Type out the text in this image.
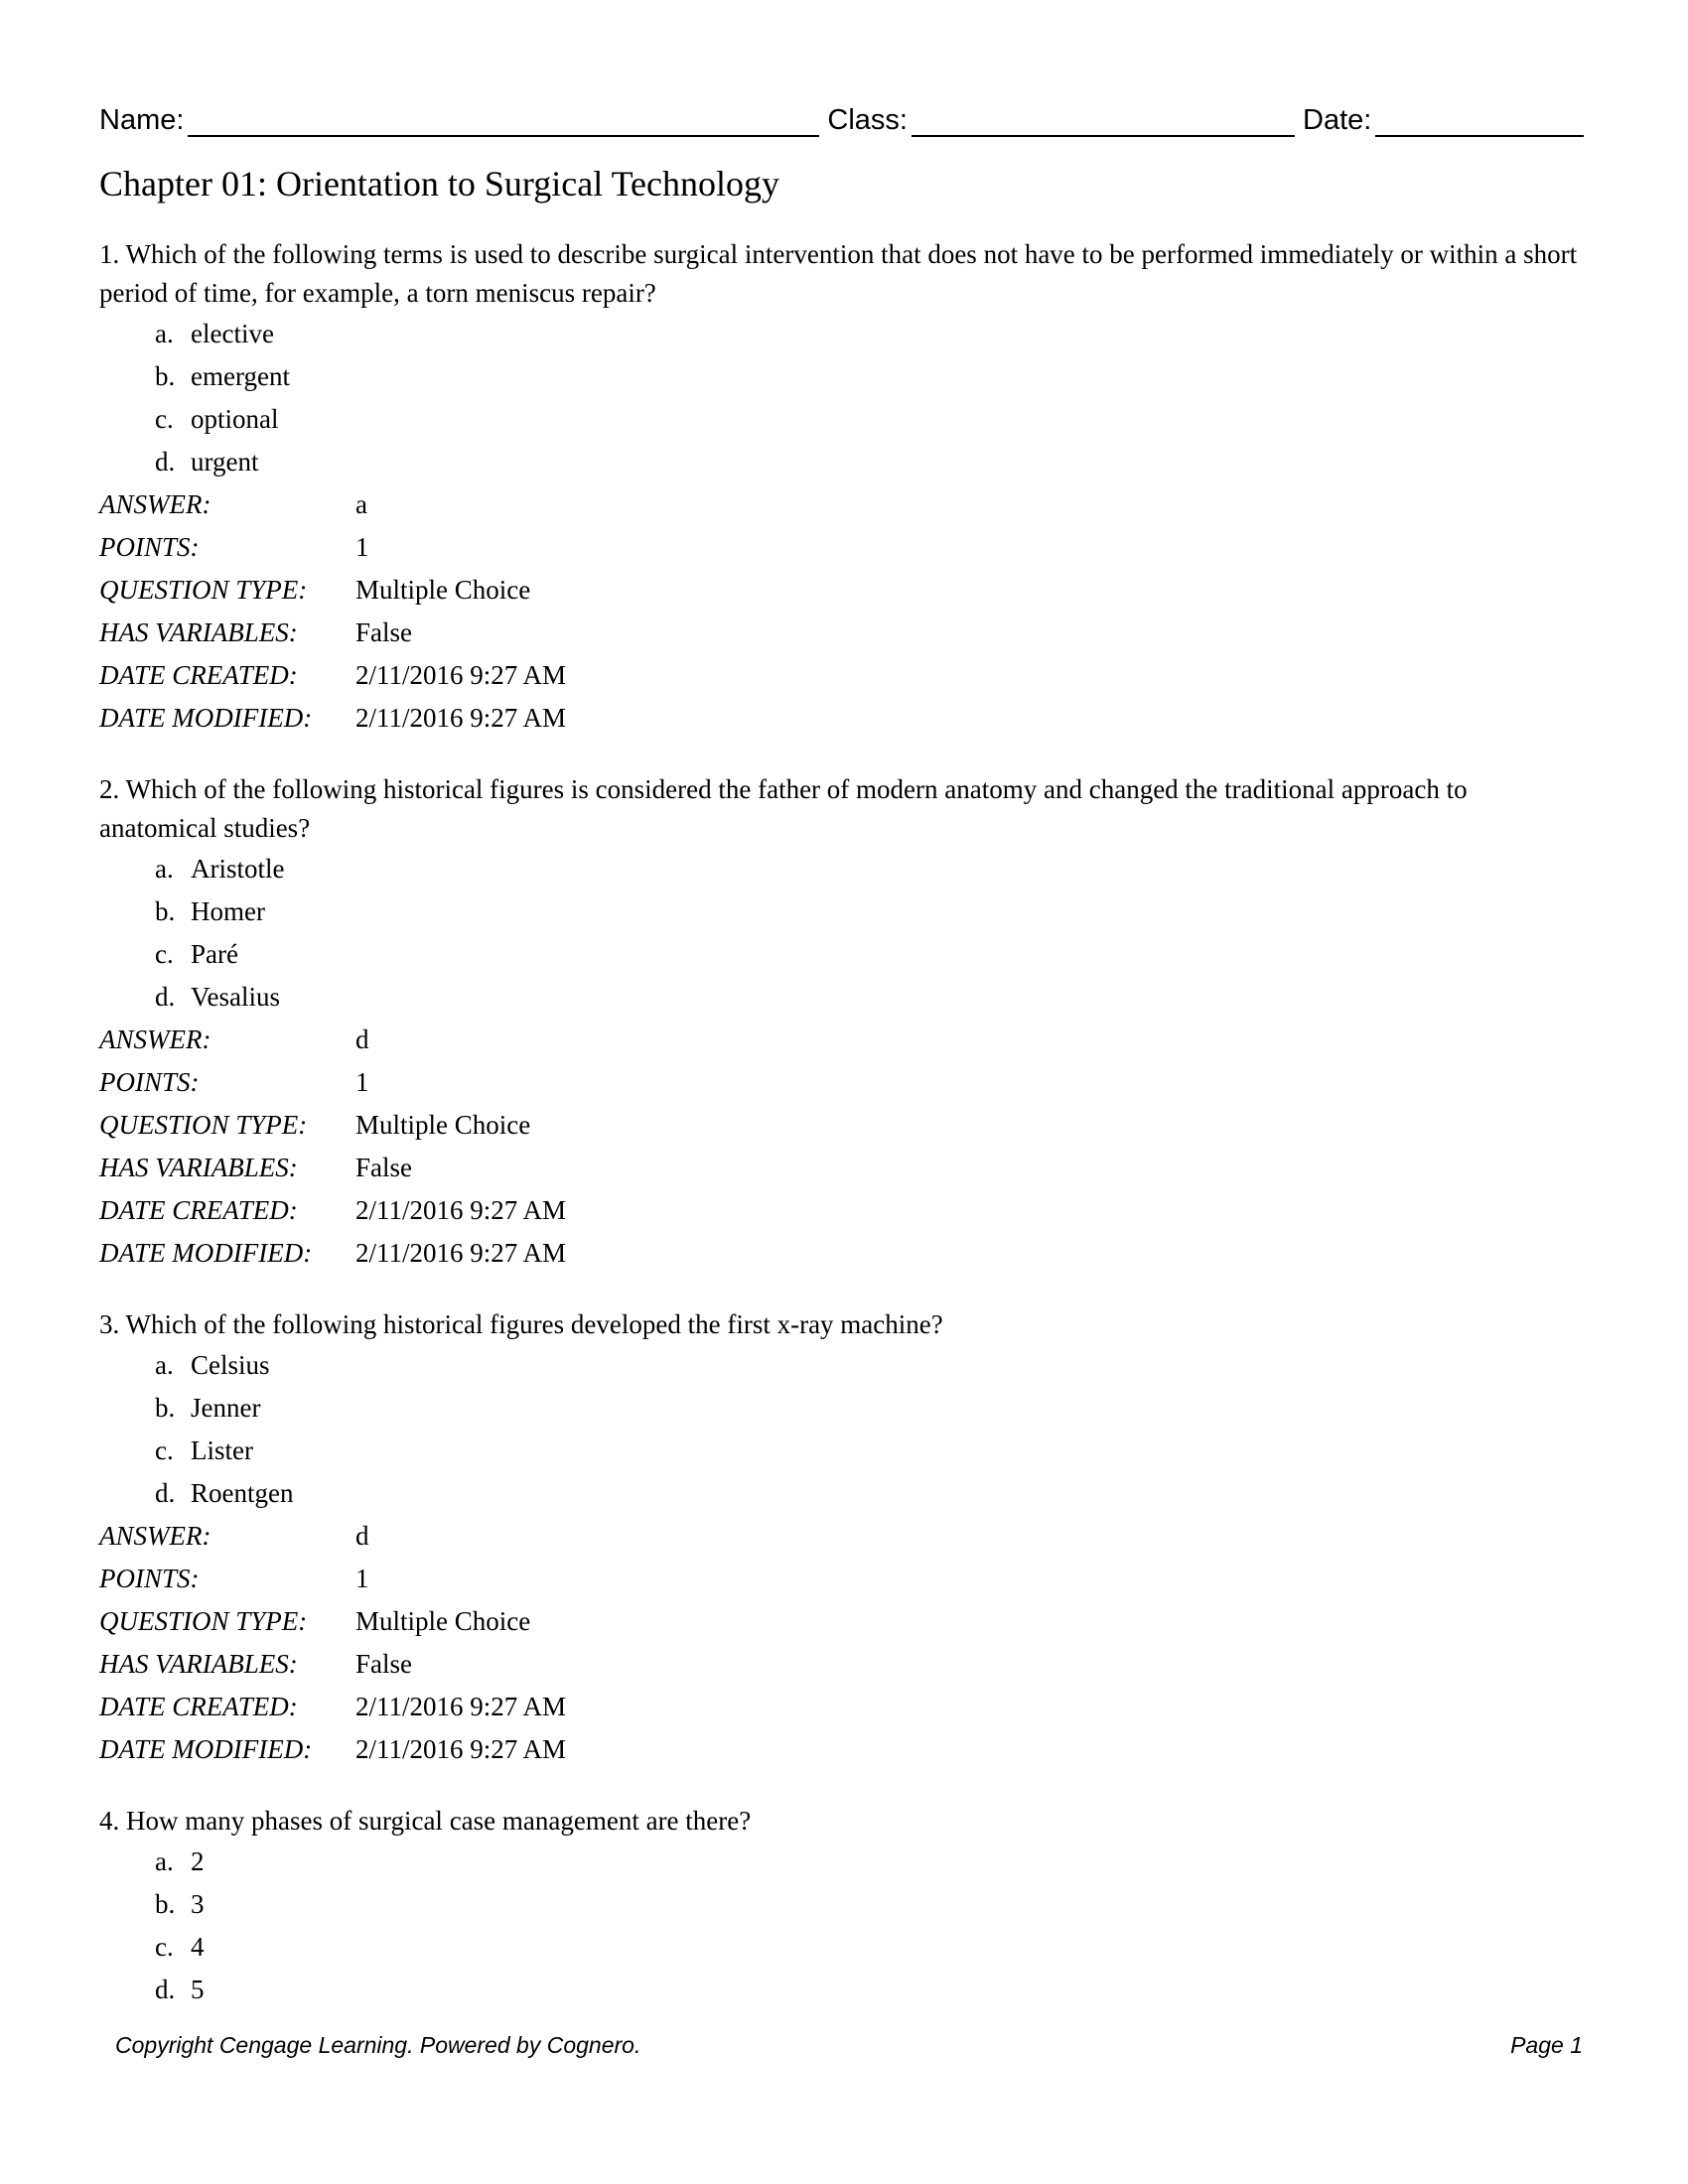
Name:	Class:	Date:
Chapter 01: Orientation to Surgical Technology
1. Which of the following terms is used to describe surgical intervention that does not have to be performed immediately or within a short period of time, for example, a torn meniscus repair?
a. elective
b. emergent
c. optional
d. urgent
ANSWER:	a
POINTS:	1
QUESTION TYPE:	Multiple Choice
HAS VARIABLES:	False
DATE CREATED:	2/11/2016 9:27 AM
DATE MODIFIED:	2/11/2016 9:27 AM
2. Which of the following historical figures is considered the father of modern anatomy and changed the traditional approach to anatomical studies?
a. Aristotle
b. Homer
c. Paré
d. Vesalius
ANSWER:	d
POINTS:	1
QUESTION TYPE:	Multiple Choice
HAS VARIABLES:	False
DATE CREATED:	2/11/2016 9:27 AM
DATE MODIFIED:	2/11/2016 9:27 AM
3. Which of the following historical figures developed the first x-ray machine?
a. Celsius
b. Jenner
c. Lister
d. Roentgen
ANSWER:	d
POINTS:	1
QUESTION TYPE:	Multiple Choice
HAS VARIABLES:	False
DATE CREATED:	2/11/2016 9:27 AM
DATE MODIFIED:	2/11/2016 9:27 AM
4. How many phases of surgical case management are there?
a. 2
b. 3
c. 4
d. 5
Copyright Cengage Learning. Powered by Cognero.	Page 1
